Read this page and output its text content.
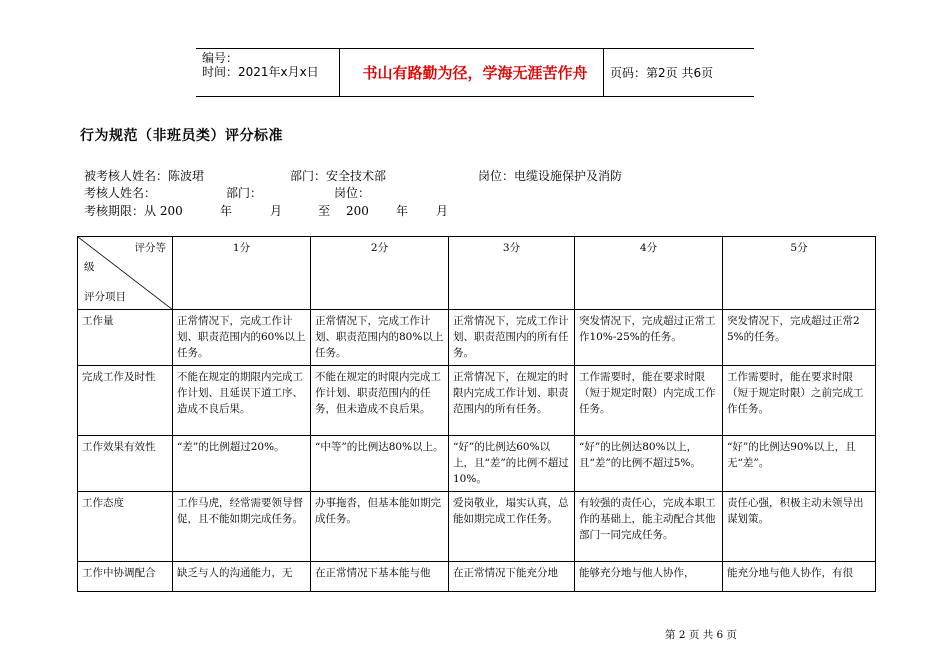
编号：
时间：2021年x月x日	书山有路勤为径，学海无涯苦作舟	页码：第2页 共6页
行为规范（非班员类）评分标准
被考核人姓名：陈波珺	部门：安全技术部	岗位：电缆设施保护及消防
考核人姓名：	部门：	岗位：
考核期限：从 200	年	月	至 200 年 月
评分等
级
评分项目	1分	2分	3分	4分	5分
工作量	正常情况下，完成工作计划、职责范围内的60%以上任务。	正常情况下，完成工作计划、职责范围内的80%以上任务。	正常情况下，完成工作计划、职责范围内的所有任务。	突发情况下，完成超过正常工作10%-25%的任务。	突发情况下，完成超过正常25%的任务。
完成工作及时性	不能在规定的期限内完成工作计划、且延误下道工序、造成不良后果。	不能在规定的时限内完成工作计划、职责范围内的任务，但未造成不良后果。	正常情况下，在规定的时限内完成工作计划、职责范围内的所有任务。	工作需要时，能在要求时限（短于规定时限）内完成工作任务。	工作需要时，能在要求时限（短于规定时限）之前完成工作任务。
工作效果有效性	“差”的比例超过20%。	“中等”的比例达80%以上。	“好”的比例达60%以上，且“差”的比例不超过10%。	“好”的比例达80%以上，且“差”的比例不超过5%。	“好”的比例达90%以上，且无“差”。
工作态度	工作马虎，经常需要领导督促，且不能如期完成任务。	办事拖沓，但基本能如期完成任务。	爱岗敬业，塌实认真，总能如期完成工作任务。	有较强的责任心，完成本职工作的基础上，能主动配合其他部门一同完成任务。	责任心强，积极主动未领导出谋划策。
工作中协调配合	缺乏与人的沟通能力，无	在正常情况下基本能与他	在正常情况下能充分地	能够充分地与他人协作，	能充分地与他人协作，有很
第 2 页 共 6 页
